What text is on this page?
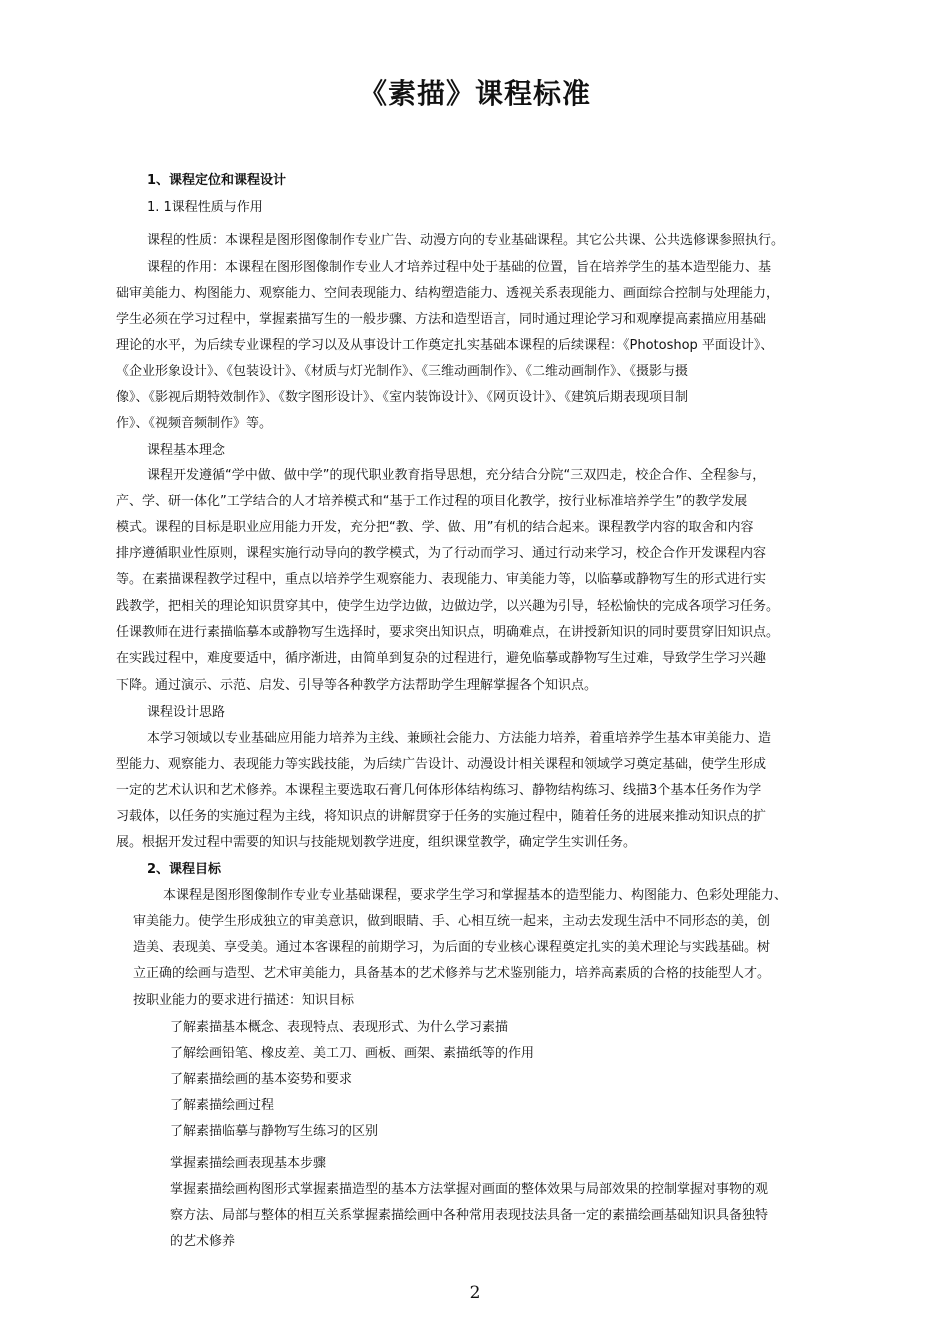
《素描》课程标准
1、课程定位和课程设计
1. 1课程性质与作用
课程的性质：本课程是图形图像制作专业广告、动漫方向的专业基础课程。其它公共课、公共选修课参照执行。
课程的作用：本课程在图形图像制作专业人才培养过程中处于基础的位置，旨在培养学生的基本造型能力、基
础审美能力、构图能力、观察能力、空间表现能力、结构塑造能力、透视关系表现能力、画面综合控制与处理能力，
学生必须在学习过程中，掌握素描写生的一般步骤、方法和造型语言，同时通过理论学习和观摩提高素描应用基础
理论的水平，为后续专业课程的学习以及从事设计工作奠定扎实基础本课程的后续课程：《Photoshop 平面设计》、
《企业形象设计》、《包装设计》、《材质与灯光制作》、《三维动画制作》、《二维动画制作》、《摄影与摄
像》、《影视后期特效制作》、《数字图形设计》、《室内装饰设计》、《网页设计》、《建筑后期表现项目制
作》、《视频音频制作》等。
课程基本理念
课程开发遵循“学中做、做中学”的现代职业教育指导思想，充分结合分院“三双四走，校企合作、全程参与，
产、学、研一体化”工学结合的人才培养模式和“基于工作过程的项目化教学，按行业标准培养学生”的教学发展
模式。课程的目标是职业应用能力开发，充分把“教、学、做、用”有机的结合起来。课程教学内容的取舍和内容
排序遵循职业性原则，课程实施行动导向的教学模式，为了行动而学习、通过行动来学习，校企合作开发课程内容
等。在素描课程教学过程中，重点以培养学生观察能力、表现能力、审美能力等，以临摹或静物写生的形式进行实
践教学，把相关的理论知识贯穿其中，使学生边学边做，边做边学，以兴趣为引导，轻松愉快的完成各项学习任务。
任课教师在进行素描临摹本或静物写生选择时，要求突出知识点，明确难点，在讲授新知识的同时要贯穿旧知识点。
在实践过程中，难度要适中，循序渐进，由简单到复杂的过程进行，避免临摹或静物写生过难，导致学生学习兴趣
下降。通过演示、示范、启发、引导等各种教学方法帮助学生理解掌握各个知识点。
课程设计思路
本学习领域以专业基础应用能力培养为主线、兼顾社会能力、方法能力培养，着重培养学生基本审美能力、造
型能力、观察能力、表现能力等实践技能，为后续广告设计、动漫设计相关课程和领域学习奠定基础，使学生形成
一定的艺术认识和艺术修养。本课程主要选取石膏几何体形体结构练习、静物结构练习、线描3个基本任务作为学
习载体，以任务的实施过程为主线，将知识点的讲解贯穿于任务的实施过程中，随着任务的进展来推动知识点的扩
展。根据开发过程中需要的知识与技能规划教学进度，组织课堂教学，确定学生实训任务。
2、课程目标
本课程是图形图像制作专业专业基础课程，要求学生学习和掌握基本的造型能力、构图能力、色彩处理能力、
审美能力。使学生形成独立的审美意识，做到眼睛、手、心相互统一起来，主动去发现生活中不同形态的美，创
造美、表现美、享受美。通过本客课程的前期学习，为后面的专业核心课程奠定扎实的美术理论与实践基础。树
立正确的绘画与造型、艺术审美能力，具备基本的艺术修养与艺术鉴别能力，培养高素质的合格的技能型人才。
按职业能力的要求进行描述：知识目标
了解素描基本概念、表现特点、表现形式、为什么学习素描
了解绘画铅笔、橡皮差、美工刀、画板、画架、素描纸等的作用
了解素描绘画的基本姿势和要求
了解素描绘画过程
了解素描临摹与静物写生练习的区别
掌握素描绘画表现基本步骤
掌握素描绘画构图形式掌握素描造型的基本方法掌握对画面的整体效果与局部效果的控制掌握对事物的观
察方法、局部与整体的相互关系掌握素描绘画中各种常用表现技法具备一定的素描绘画基础知识具备独特
的艺术修养
2
